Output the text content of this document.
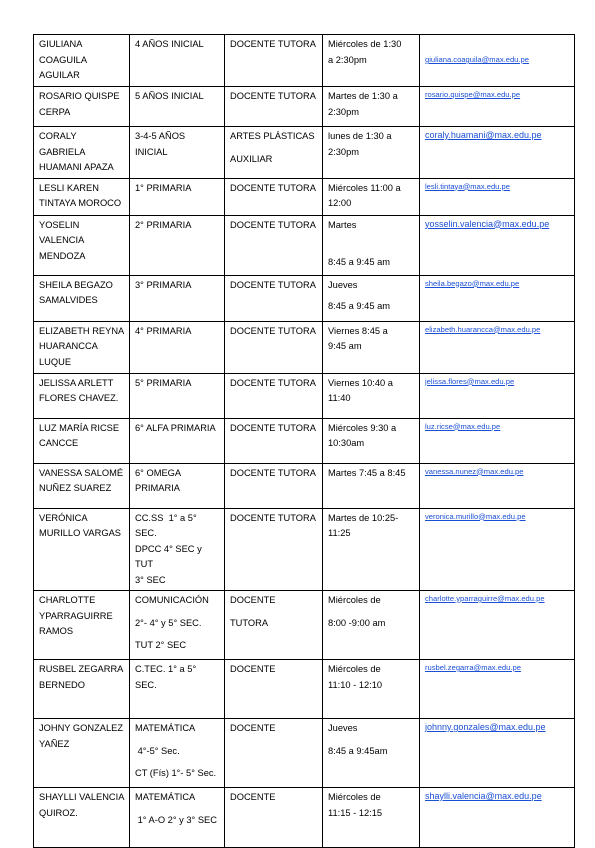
GIULIANA
COAGUILA
AGUILAR	4 AÑOS INICIAL	DOCENTE TUTORA	Miércoles de 1:30
a 2:30pm	giuliana.coaguila@max.edu.pe

ROSARIO QUISPE
CERPA	5 AÑOS INICIAL	DOCENTE TUTORA	Martes de 1:30 a
2:30pm	rosario.quispe@max.edu.pe

CORALY GABRIELA
HUAMANI APAZA	3-4-5 AÑOS
INICIAL	ARTES PLÁSTICAS
AUXILIAR	lunes de 1:30 a
2:30pm	coraly.huamani@max.edu.pe

LESLI KAREN
TINTAYA MOROCO	1° PRIMARIA	DOCENTE TUTORA	Miércoles 11:00 a
12:00	lesli.tintaya@max.edu.pe

YOSELIN VALENCIA
MENDOZA	2° PRIMARIA	DOCENTE TUTORA	Martes

8:45 a 9:45 am	yosselin.valencia@max.edu.pe

SHEILA BEGAZO
SAMALVIDES	3° PRIMARIA	DOCENTE TUTORA	Jueves
8:45 a 9:45 am	sheila.begazo@max.edu.pe

ELIZABETH REYNA
HUARANCCA
LUQUE	4° PRIMARIA	DOCENTE TUTORA	Viernes 8:45 a
9:45 am	elizabeth.huarancca@max.edu.pe

JELISSA ARLETT
FLORES CHAVEZ.	5° PRIMARIA	DOCENTE TUTORA	Viernes 10:40 a
11:40	jelissa.flores@max.edu.pe

LUZ MARÍA RICSE
CANCCE	6° ALFA PRIMARIA	DOCENTE TUTORA	Miércoles 9:30 a
10:30am	luz.ricse@max.edu.pe

VANESSA SALOMÉ
NUÑEZ SUAREZ	6° OMEGA
PRIMARIA	DOCENTE TUTORA	Martes 7:45 a 8:45	vanessa.nunez@max.edu.pe

VERÓNICA
MURILLO VARGAS	CC.SS  1° a 5° SEC.
DPCC 4° SEC y TUT
3° SEC	DOCENTE TUTORA	Martes de 10:25-
11:25	veronica.murillo@max.edu.pe

CHARLOTTE
YPARRAGUIRRE
RAMOS	COMUNICACIÓN
2°- 4° y 5° SEC.
TUT 2° SEC	DOCENTE
TUTORA	Miércoles de
8:00 -9:00 am	charlotte.yparraguirre@max.edu.pe

RUSBEL ZEGARRA
BERNEDO	C.TEC. 1° a 5° SEC.	DOCENTE	Miércoles de
11:10 - 12:10	rusbel.zegarra@max.edu.pe

JOHNY GONZALEZ
YAÑEZ	MATEMÁTICA
4°-5° Sec.
CT (Fís) 1°- 5° Sec.	DOCENTE	Jueves
8:45 a 9:45am	johnny.gonzales@max.edu.pe

SHAYLLI VALENCIA
QUIROZ.	MATEMÁTICA
1° A-O 2° y 3° SEC	DOCENTE	Miércoles de
11:15 - 12:15	shaylli.valencia@max.edu.pe
